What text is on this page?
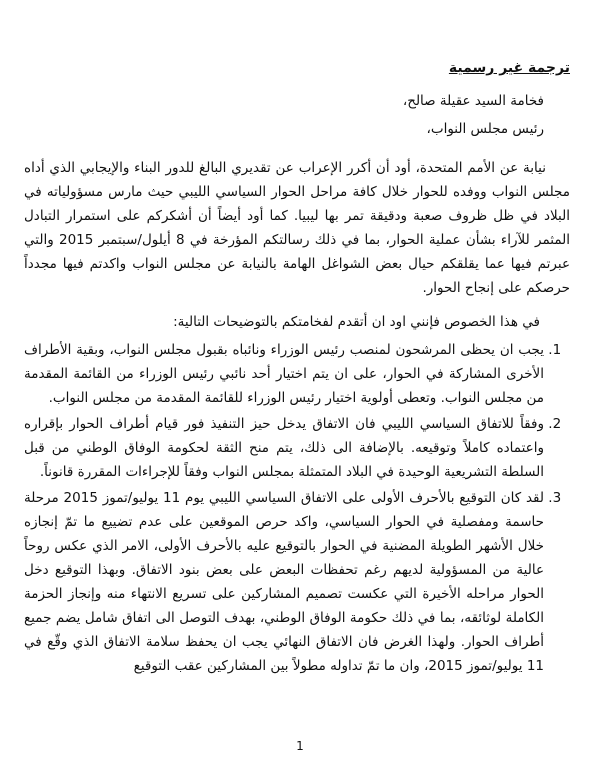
ترجمة غير رسمية

فخامة السيد عقيلة صالح،

رئيس مجلس النواب،

نيابة عن الأمم المتحدة، أود أن أكرر الإعراب عن تقديري البالغ للدور البناء والإيجابي الذي أداه مجلس النواب ووفده للحوار خلال كافة مراحل الحوار السياسي الليبي حيث مارس مسؤولياته في البلاد في ظل ظروف صعبة ودقيقة تمر بها ليبيا. كما أود أيضاً أن أشكركم على استمرار التبادل المثمر للآراء بشأن عملية الحوار، بما في ذلك رسالتكم المؤرخة في 8 أيلول/سبتمبر 2015 والتي عبرتم فيها عما يقلقكم حيال بعض الشواغل الهامة بالنيابة عن مجلس النواب واكدتم فيها مجدداً حرصكم على إنجاح الحوار.

في هذا الخصوص فإنني اود ان أتقدم لفخامتكم بالتوضيحات التالية:

1. يجب ان يحظى المرشحون لمنصب رئيس الوزراء ونائباه بقبول مجلس النواب، وبقية الأطراف الأخرى المشاركة في الحوار، على ان يتم اختيار أحد نائبي رئيس الوزراء من القائمة المقدمة من مجلس النواب. وتعطى أولوية اختيار رئيس الوزراء للقائمة المقدمة من مجلس النواب.
2. وفقاً للاتفاق السياسي الليبي فان الاتفاق يدخل حيز التنفيذ فور قيام أطراف الحوار بإقراره واعتماده كاملاً وتوقيعه. بالإضافة الى ذلك، يتم منح الثقة لحكومة الوفاق الوطني من قبل السلطة التشريعية الوحيدة في البلاد المتمثلة بمجلس النواب وفقاً للإجراءات المقررة قانوناً.
3. لقد كان التوقيع بالأحرف الأولى على الاتفاق السياسي الليبي يوم 11 يوليو/تموز 2015 مرحلة حاسمة ومفصلية في الحوار السياسي، واكد حرص الموقعين على عدم تضييع ما تمّ إنجازه خلال الأشهر الطويلة المضنية في الحوار بالتوقيع عليه بالأحرف الأولى، الامر الذي عكس روحاً عالية من المسؤولية لديهم رغم تحفظات البعض على بعض بنود الاتفاق. وبهذا التوقيع دخل الحوار مراحله الأخيرة التي عكست تصميم المشاركين على تسريع الانتهاء منه وإنجاز الحزمة الكاملة لوثائقه، بما في ذلك حكومة الوفاق الوطني، بهدف التوصل الى اتفاق شامل يضم جميع أطراف الحوار. ولهذا الغرض فان الاتفاق النهائي يجب ان يحفظ سلامة الاتفاق الذي وقّع في 11 يوليو/تموز 2015، وان ما تمّ تداوله مطولاً بين المشاركين عقب التوقيع
1
